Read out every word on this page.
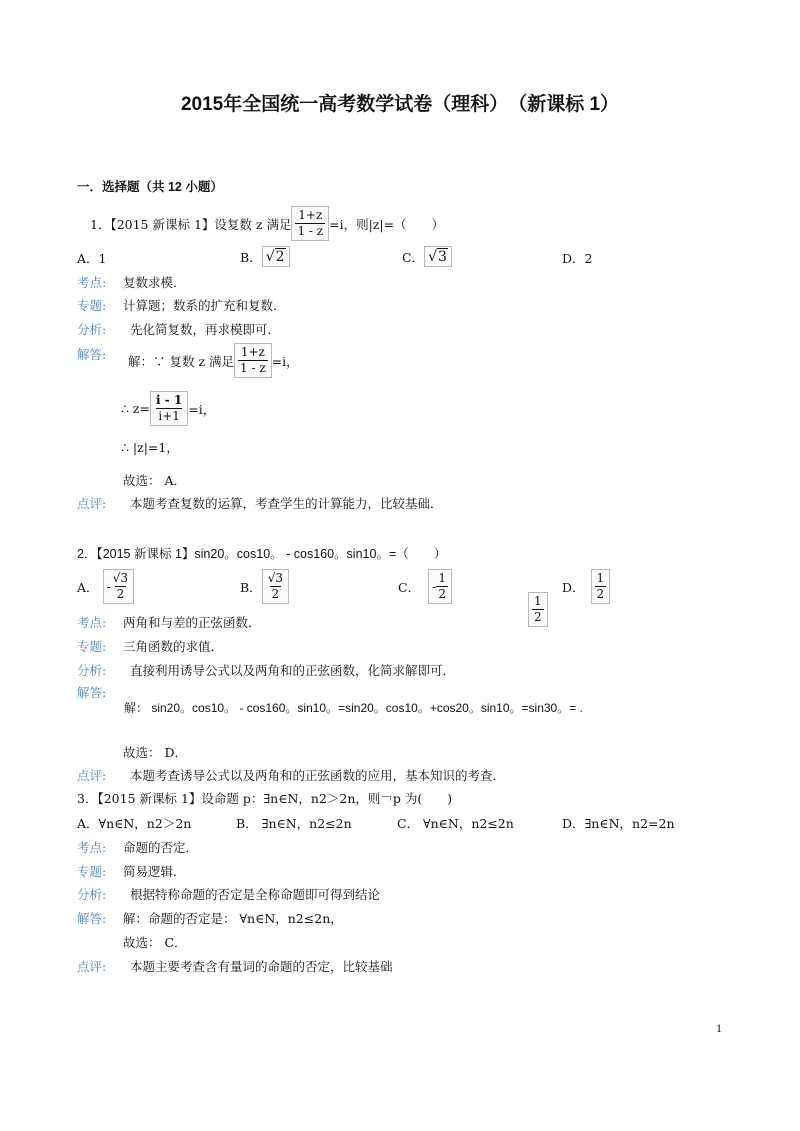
2015年全国统一高考数学试卷（理科）　（新课标 1）
一．选择题（共 12 小题）
1．【2015 新课标 1】设复数 z 满足 $\frac{1+z}{1 - z} =i$，则|z|=（　　）
A．1	B． √ 2	C． √ 3	D．2
考点: 复数求模．
专题: 计算题；数系的扩充和复数．
分析: 先化简复数，再求模即可．
解答: 解：∵ 复数 z 满足 $\frac{1+z}{1 - z} =i$，
∴ $z= \frac{i - 1}{i+1} =i$，
∴ |z|=1，
故选： A．
点评: 本题考查复数的运算，考查学生的计算能力，比较基础．
2．【2015 新课标 1】sin20。cos10。 - cos160。sin10。=（　　）
A． - $\frac{√3}{2}$	B． $\frac{√3}{2}$	C． - $\frac{1}{2}$	D． $\frac{1}{2}$
$\frac{1}{2}$
考点: 两角和与差的正弦函数．
专题: 三角函数的求值．
分析: 直接利用诱导公式以及两角和的正弦函数，化简求解即可．
解答:
解： sin20。cos10。 - cos160。sin10。=sin20。cos10。+cos20。sin10。=sin30。= .
故选： D．
点评: 本题考查诱导公式以及两角和的正弦函数的应用，基本知识的考查．
3．【2015 新课标 1】设命题 p：∃n∈N，n2＞2n，则￢p 为(　　)
A．∀n∈N，n2＞2n	B． ∃n∈N，n2≤2n	C． ∀n∈N，n2≤2n	D．∃n∈N，n2=2n
考点: 命题的否定．
专题: 简易逻辑．
分析: 根据特称命题的否定是全称命题即可得到结论
解答: 解：命题的否定是： ∀n∈N，n2≤2n，
故选： C．
点评: 本题主要考查含有量词的命题的否定，比较基础
1
